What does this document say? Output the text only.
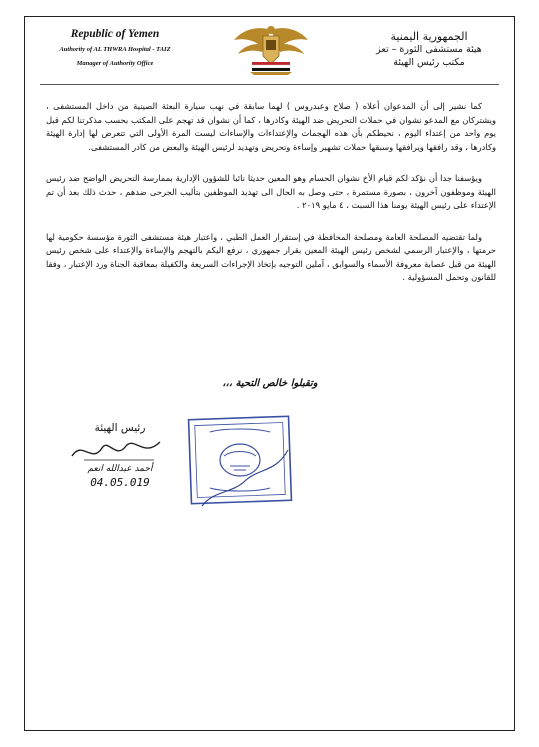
Republic of Yemen
Authority of AL THWRA Hospital - TAIZ
Manager of Authority Office
الجمهورية اليمنية
هيئة مستشفى الثورة – تعز
مكتب رئيس الهيئة

كما نشير إلى أن المدعوان أعلاه ( صلاح وعبدروس ) لهما سابقة في نهب سيارة البعثة الصينية من داخل المستشفى ، ويشتركان مع المدعو نشوان في حملات التحريض ضد الهيئة وكادرها ، كما أن نشوان قد تهجم على المكتب بحسب مذكرتنا لكم قبل يوم واحد من إعتداء اليوم ، نحيطكم بأن هذه الهجمات والإعتداءات والإساءات ليست المرة الأولى التي تتعرض لها إدارة الهيئة وكادرها ، وقد رافقها ويرافقها وسبقها حملات تشهير وإساءة وتحريض وتهديد لرئيس الهيئة والبعض من كادر المستشفى.

ويؤسفنا جدا أن نؤكد لكم قيام الأخ نشوان الحسام وهو المعين حديثا نائبا للشؤون الإدارية بممارسة التحريض الواضح ضد رئيس الهيئة وموظفون آخرون ، بصورة مستمرة ، حتى وصل به الحال الى تهديد الموظفين بتأليب الجرحى ضدهم ، حدث ذلك بعد أن تم الإعتداء على رئيس الهيئة يومنا هذا السبت ، ٤ مايو ٢٠١٩ .

ولما تقتضيه المصلحة العامة ومصلحة المحافظة في إستقرار العمل الطبي ، واعتبار هيئة مستشفى الثورة مؤسسة حكومية لها حرمتها ، والإعتبار الرسمي لشخص رئيس الهيئة المعين بقرار جمهوري ، نرفع اليكم بالتهجم والإساءة والإعتداء على شخص رئيس الهيئة من قبل عصابة معروفة الأسماء والسوابق ، آملين التوجيه بإتخاذ الإجراءات السريعة والكفيلة بمعاقبة الجناة ورد الإعتبار ، وفقا للقانون وتحمل المسؤولية .

وتقبلوا خالص التحية ،،،
رئيس الهيئة
أحمد عبدالله انعم
04.05.019
